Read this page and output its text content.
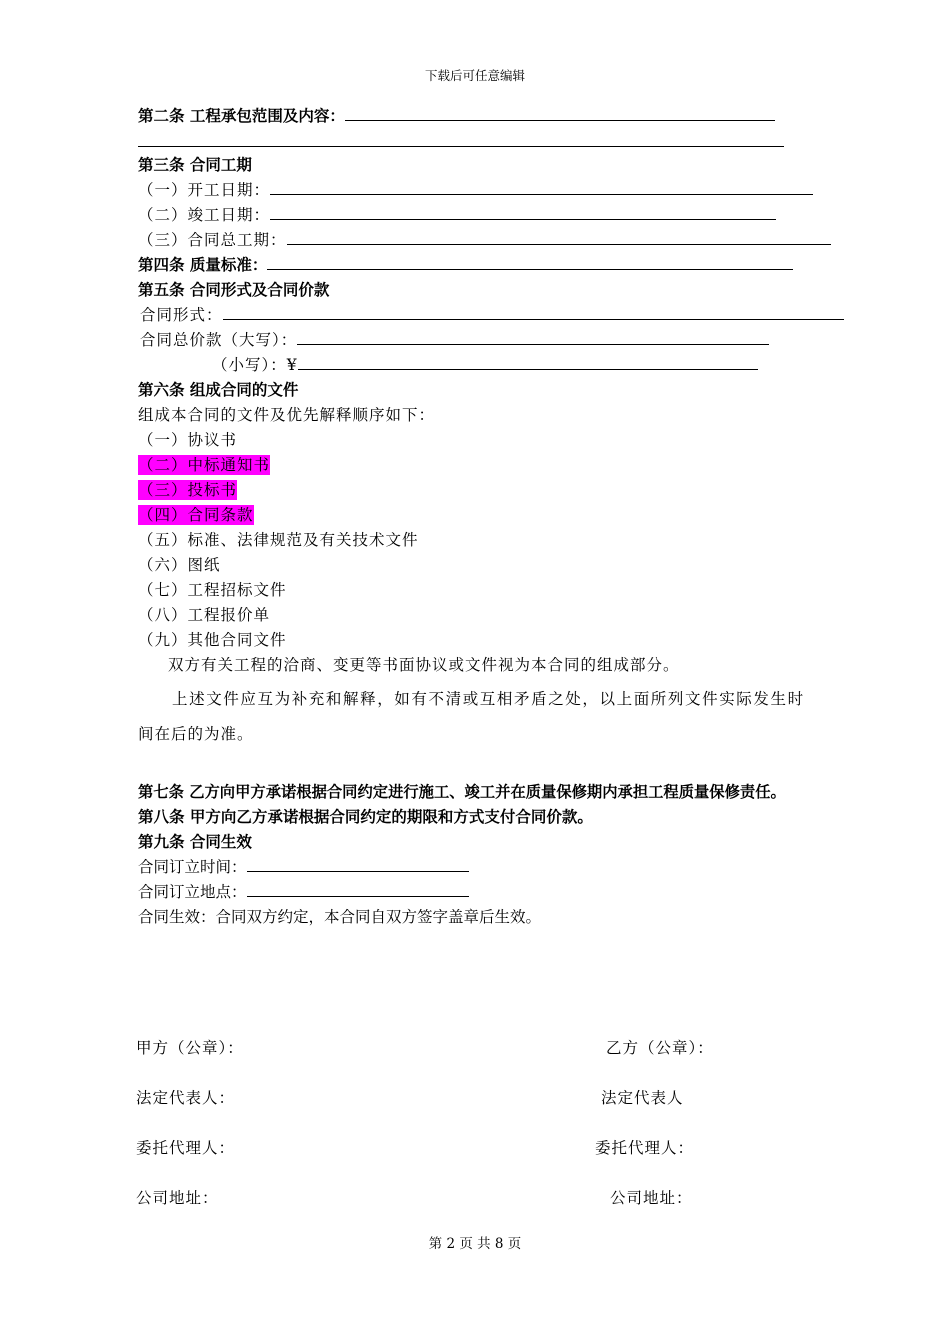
下载后可任意编辑
第二条 工程承包范围及内容：
第三条 合同工期
（一）开工日期：
（二）竣工日期：
（三）合同总工期：
第四条 质量标准：
第五条 合同形式及合同价款
合同形式：
合同总价款（大写）：
（小写）：¥
第六条 组成合同的文件
组成本合同的文件及优先解释顺序如下：
（一）协议书
（二）中标通知书
（三）投标书
（四）合同条款
（五）标准、法律规范及有关技术文件
（六）图纸
（七）工程招标文件
（八）工程报价单
（九）其他合同文件
双方有关工程的洽商、变更等书面协议或文件视为本合同的组成部分。
上述文件应互为补充和解释，如有不清或互相矛盾之处，以上面所列文件实际发生时
间在后的为准。
第七条 乙方向甲方承诺根据合同约定进行施工、竣工并在质量保修期内承担工程质量保修责任。
第八条 甲方向乙方承诺根据合同约定的期限和方式支付合同价款。
第九条 合同生效
合同订立时间：
合同订立地点：
合同生效：合同双方约定，本合同自双方签字盖章后生效。
甲方（公章）：	乙方（公章）：
法定代表人：	法定代表人
委托代理人：	委托代理人：
公司地址：	公司地址：
第 2 页 共 8 页
